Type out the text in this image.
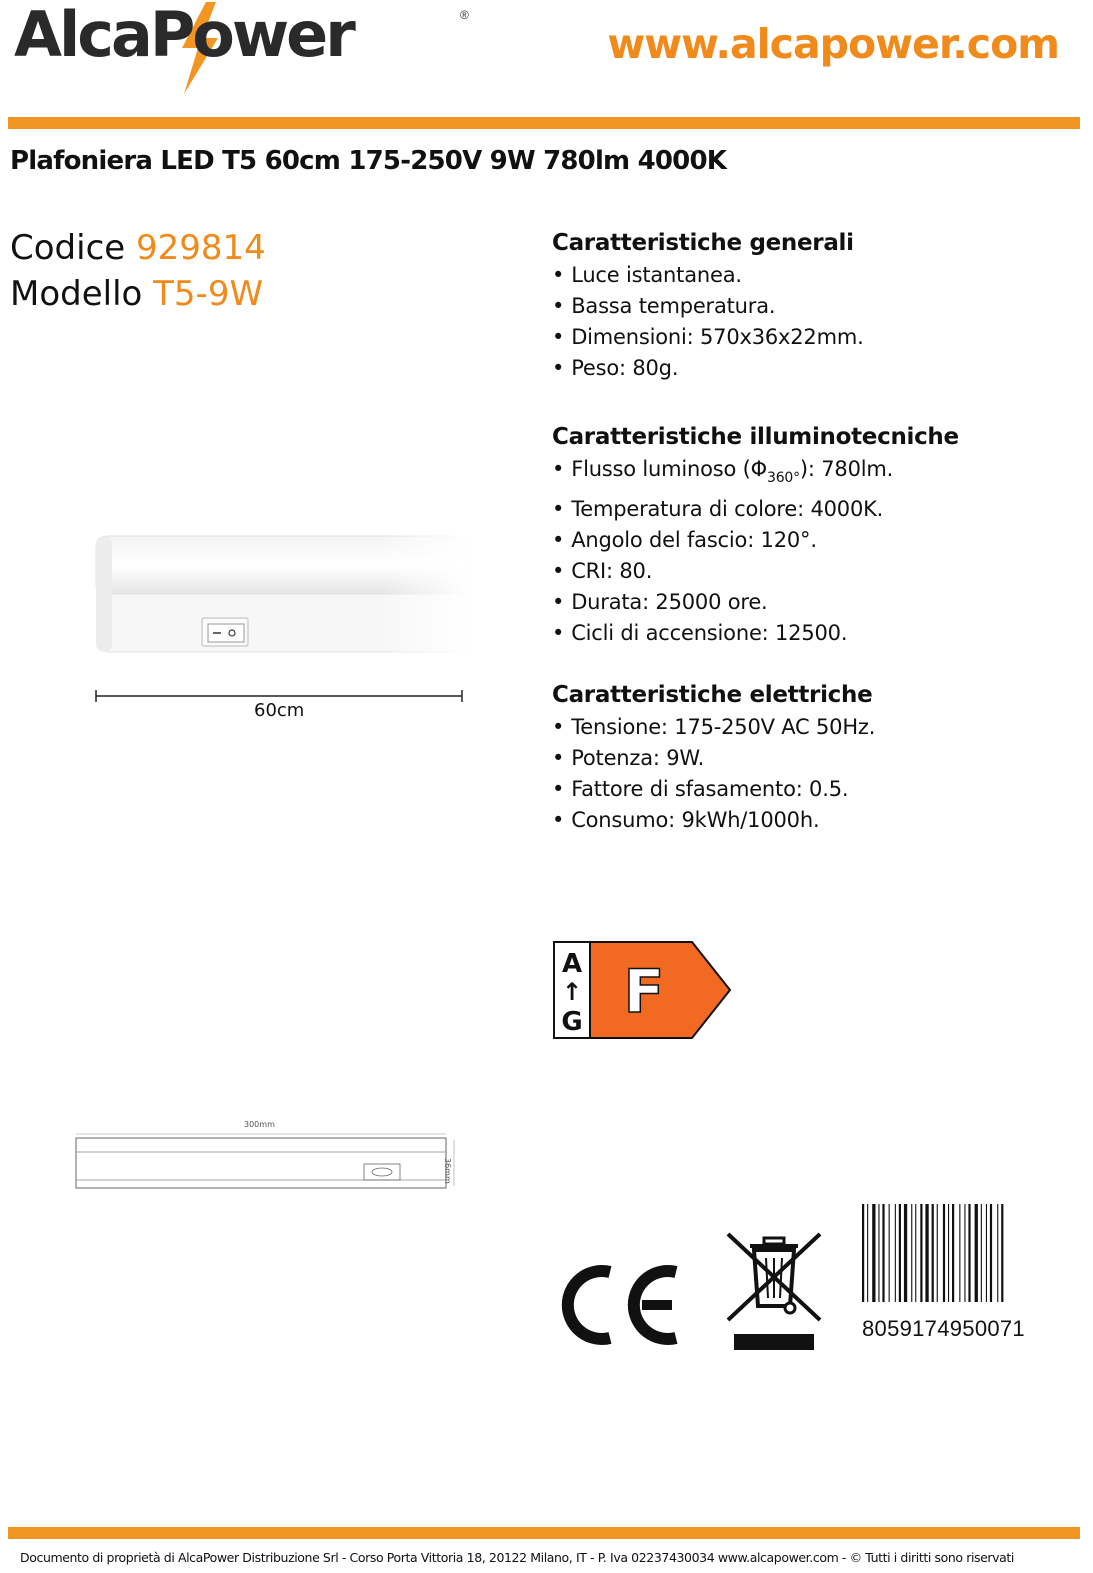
AlcaPower	®
www.alcapower.com
Plafoniera LED T5 60cm 175-250V 9W 780lm 4000K
Codice 929814
Modello T5-9W
60cm
300mm
36mm
Caratteristiche generali
• Luce istantanea.
• Bassa temperatura.
• Dimensioni: 570x36x22mm.
• Peso: 80g.
Caratteristiche illuminotecniche
• Flusso luminoso $(\Phi_{360^\circ})$: 780lm.
• Temperatura di colore: 4000K.
• Angolo del fascio: 120°.
• CRI: 80.
• Durata: 25000 ore.
• Cicli di accensione: 12500.
Caratteristiche elettriche
• Tensione: 175-250V AC 50Hz.
• Potenza: 9W.
• Fattore di sfasamento: 0.5.
• Consumo: 9kWh/1000h.
A
↑
G F
8059174950071
Documento di proprietà di AlcaPower Distribuzione Srl - Corso Porta Vittoria 18, 20122 Milano, IT - P. Iva 02237430034 www.alcapower.com - © Tutti i diritti sono riservati
